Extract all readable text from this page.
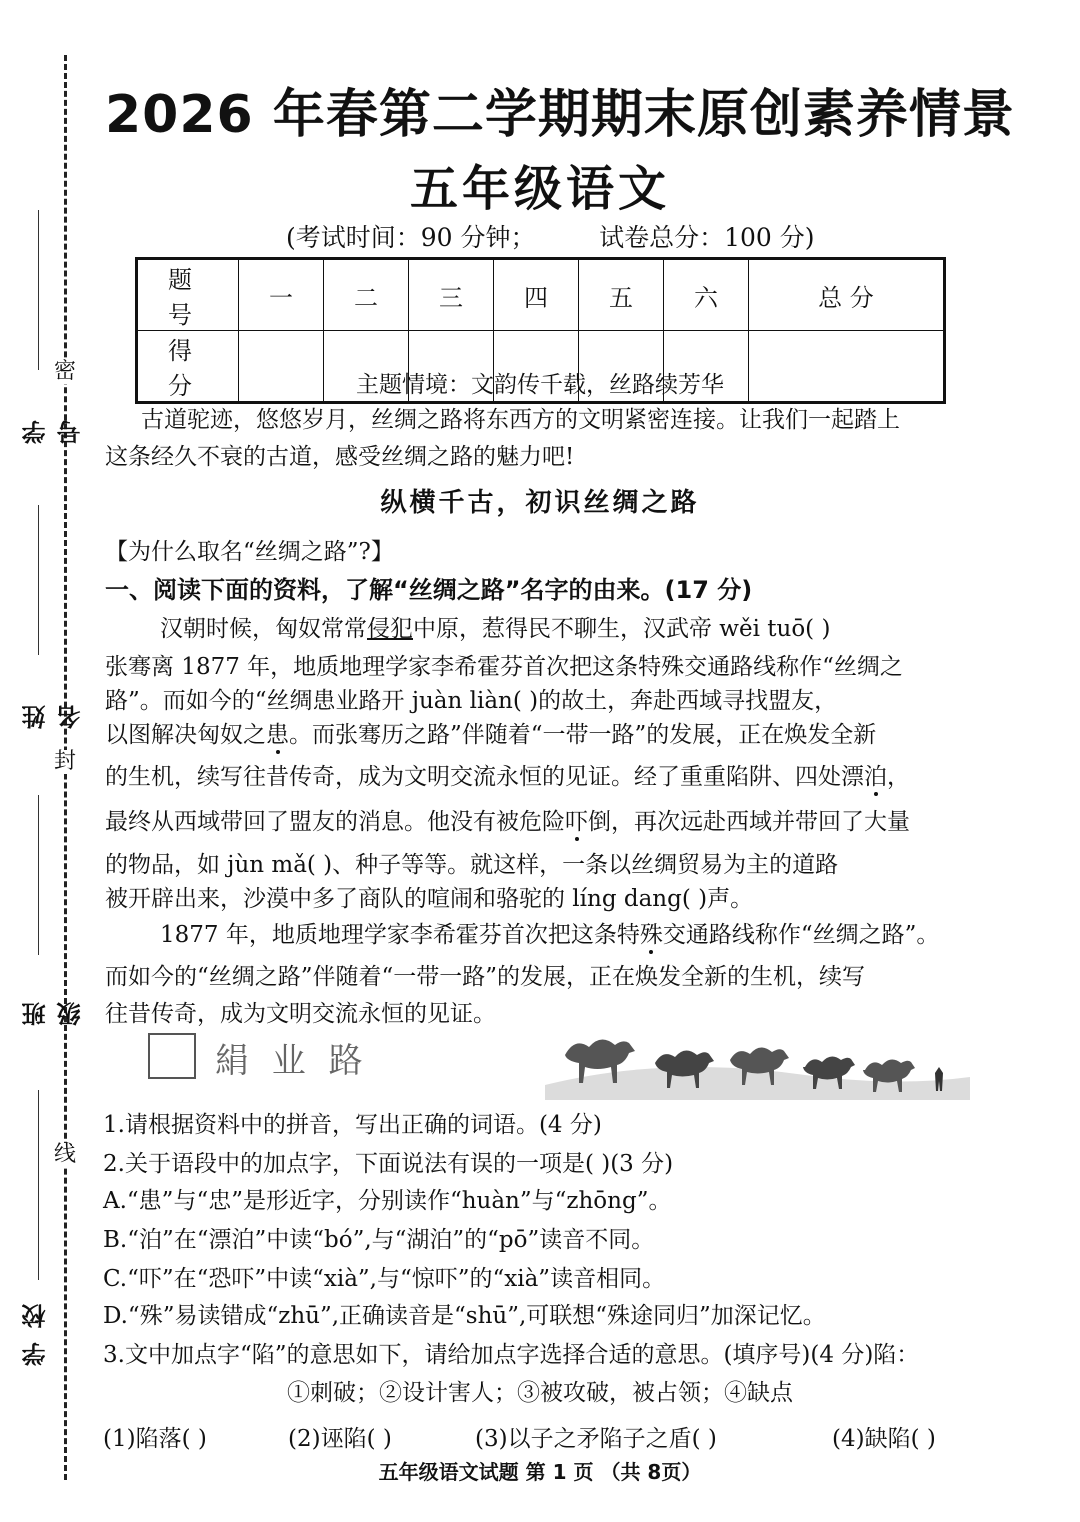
密
封
线
学号
姓名
班级
学校
2026 年春第二学期期末原创素养情景
五年级语文
(考试时间：90 分钟；        试卷总分：100 分)
题 号	一	二	三	四	五	六	总 分
得 分								主题情境：文韵传千载，丝路续芳华
古道驼迹，悠悠岁月，丝绸之路将东西方的文明紧密连接。让我们一起踏上
这条经久不衰的古道，感受丝绸之路的魅力吧!
纵横千古，初识丝绸之路
【为什么取名“丝绸之路”?】
一、阅读下面的资料，了解“丝绸之路”名字的由来。(17 分)
汉朝时候，匈奴常常侵犯中原，惹得民不聊生，汉武帝 wěi tuō( )
张骞离 1877 年，地质地理学家李希霍芬首次把这条特殊交通路线称作“丝绸之
路”。而如今的“丝绸患业路开 juàn liàn( )的故土，奔赴西域寻找盟友，
以图解决匈奴之患。而张骞历之路”伴随着“一带一路”的发展，正在焕发全新
的生机，续写往昔传奇，成为文明交流永恒的见证。经了重重陷阱、四处漂泊，
最终从西域带回了盟友的消息。他没有被危险吓倒，再次远赴西域并带回了大量
的物品，如 jùn mǎ( )、种子等等。就这样，一条以丝绸贸易为主的道路
被开辟出来，沙漠中多了商队的喧闹和骆驼的 líng dang( )声。
1877 年，地质地理学家李希霍芬首次把这条特殊交通路线称作“丝绸之路”。
而如今的“丝绸之路”伴随着“一带一路”的发展，正在焕发全新的生机，续写
往昔传奇，成为文明交流永恒的见证。
絹 业 路
1.请根据资料中的拼音，写出正确的词语。(4 分)
2.关于语段中的加点字，下面说法有误的一项是( )(3 分)
A.“患”与“忠”是形近字，分别读作“huàn”与“zhōng”。
B.“泊”在“漂泊”中读“bó”,与“湖泊”的“pō”读音不同。
C.“吓”在“恐吓”中读“xià”,与“惊吓”的“xià”读音相同。
D.“殊”易读错成“zhū”,正确读音是“shū”,可联想“殊途同归”加深记忆。
3.文中加点字“陷”的意思如下，请给加点字选择合适的意思。(填序号)(4 分)陷：
①刺破；②设计害人；③被攻破，被占领；④缺点
(1)陷落( )	(2)诬陷( )	(3)以子之矛陷子之盾( )	(4)缺陷( )
五年级语文试题 第 1 页 （共 8页）
